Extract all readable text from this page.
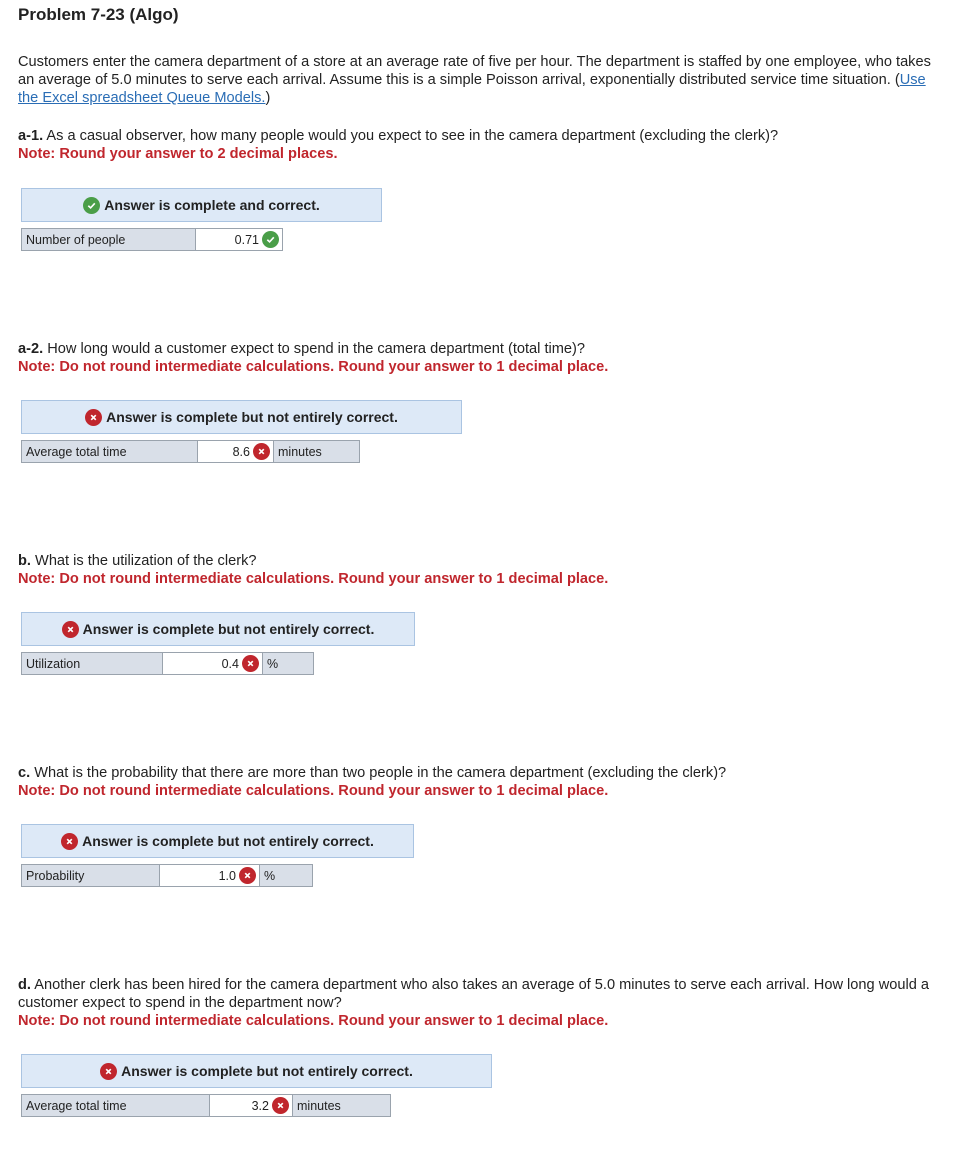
Problem 7-23 (Algo)
Customers enter the camera department of a store at an average rate of five per hour. The department is staffed by one employee, who takes an average of 5.0 minutes to serve each arrival. Assume this is a simple Poisson arrival, exponentially distributed service time situation. (Use the Excel spreadsheet Queue Models.)
a-1. As a casual observer, how many people would you expect to see in the camera department (excluding the clerk)?
Note: Round your answer to 2 decimal places.
Answer is complete and correct.
Number of people	0.71
a-2. How long would a customer expect to spend in the camera department (total time)?
Note: Do not round intermediate calculations. Round your answer to 1 decimal place.
Answer is complete but not entirely correct.
Average total time	8.6	minutes
b. What is the utilization of the clerk?
Note: Do not round intermediate calculations. Round your answer to 1 decimal place.
Answer is complete but not entirely correct.
Utilization	0.4	%
c. What is the probability that there are more than two people in the camera department (excluding the clerk)?
Note: Do not round intermediate calculations. Round your answer to 1 decimal place.
Answer is complete but not entirely correct.
Probability	1.0	%
d. Another clerk has been hired for the camera department who also takes an average of 5.0 minutes to serve each arrival. How long would a customer expect to spend in the department now?
Note: Do not round intermediate calculations. Round your answer to 1 decimal place.
Answer is complete but not entirely correct.
Average total time	3.2	minutes
